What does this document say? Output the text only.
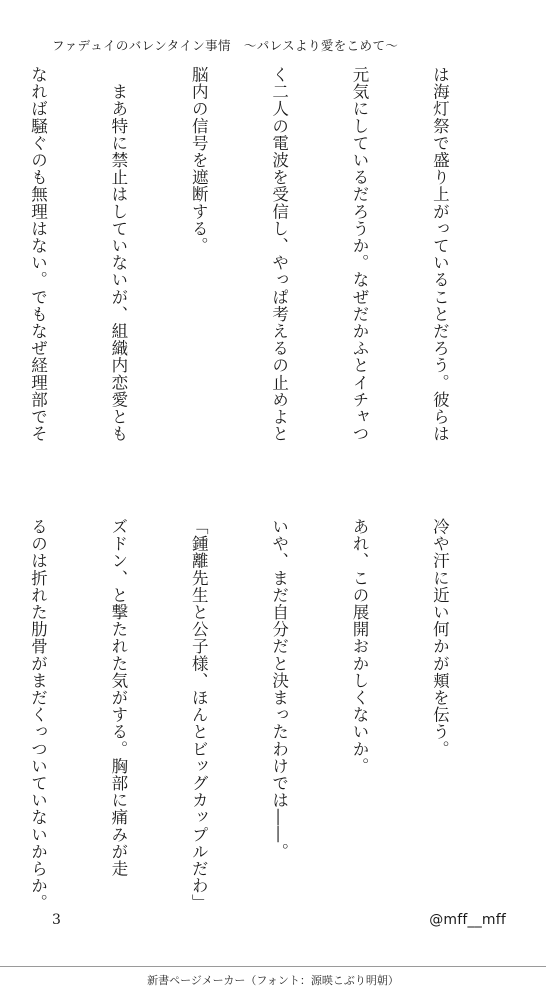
ファデュイのバレンタイン事情　〜パレスより愛をこめて〜

は海灯祭で盛り上がっていることだろう。彼らは

元気にしているだろうか。なぜだかふとイチャつ

く二人の電波を受信し、やっぱ考えるの止めよと

脳内の信号を遮断する。

　まあ特に禁止はしていないが、組織内恋愛とも

なれば騒ぐのも無理はない。でもなぜ経理部でそ

冷や汗に近い何かが頬を伝う。

あれ、この展開おかしくないか。

いや、まだ自分だと決まったわけでは――。

「鍾離先生と公子様、ほんとビッグカップルだわ」

ズドン、と撃たれた気がする。胸部に痛みが走

るのは折れた肋骨がまだくっついていないからか。

3	@mff__mff
新書ページメーカー（フォント：源暎こぶり明朝）
